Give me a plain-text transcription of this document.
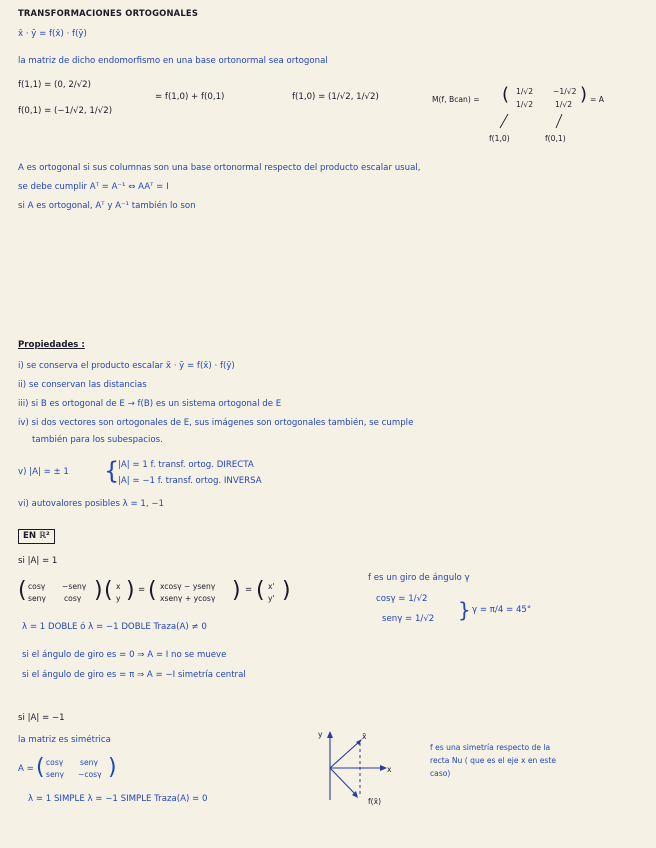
TRANSFORMACIONES ORTOGONALES
x̄ · ȳ = f(x̄) · f(ȳ)
la matriz de dicho endomorfismo en una base ortonormal sea ortogonal
f(1,1) = (0, 2/√2)
f(0,1) = (−1/√2, 1/√2)
= f(1,0) + f(0,1)	f(1,0) = (1/√2, 1/√2)	M(f, Bcan) = ( 1/√2	−1/√2
1/√2	1/√2 ) = A
f(1,0)	f(0,1)
A es ortogonal si sus columnas son una base ortonormal respecto del producto escalar usual,
se debe cumplir Aᵀ = A⁻¹ ⇔ AAᵀ = I
si A es ortogonal, Aᵀ y A⁻¹ también lo son
Propiedades :
i) se conserva el producto escalar x̄ · ȳ = f(x̄) · f(ȳ)
ii) se conservan las distancias
iii) si B es ortogonal de E → f(B) es un sistema ortogonal de E
iv) si dos vectores son ortogonales de E, sus imágenes son ortogonales también, se cumple
también para los subespacios.
v) |A| = ± 1 {
|A| = 1 f. transf. ortog. DIRECTA
|A| = −1 f. transf. ortog. INVERSA
vi) autovalores posibles λ = 1, −1
EN ℝ²
si |A| = 1
( cosγ −senγ
senγ cosγ ) ( x
y ) = ( xcosγ − ysenγ
xsenγ + ycosγ ) = ( x'
y' )	f es un giro de ángulo γ
cosγ = 1/√2
senγ = 1/√2 } γ = π/4 = 45°
λ = 1 DOBLE ó λ = −1 DOBLE Traza(A) ≠ 0
si el ángulo de giro es = 0 ⇒ A = I no se mueve
si el ángulo de giro es = π ⇒ A = −I simetría central
si |A| = −1
la matriz es simétrica
A = ( cosγ senγ
senγ −cosγ )
λ = 1 SIMPLE λ = −1 SIMPLE Traza(A) = 0
y
x
x̄
f(x̄)
f es una simetría respecto de la
recta Nu ( que es el eje x en este
caso)
